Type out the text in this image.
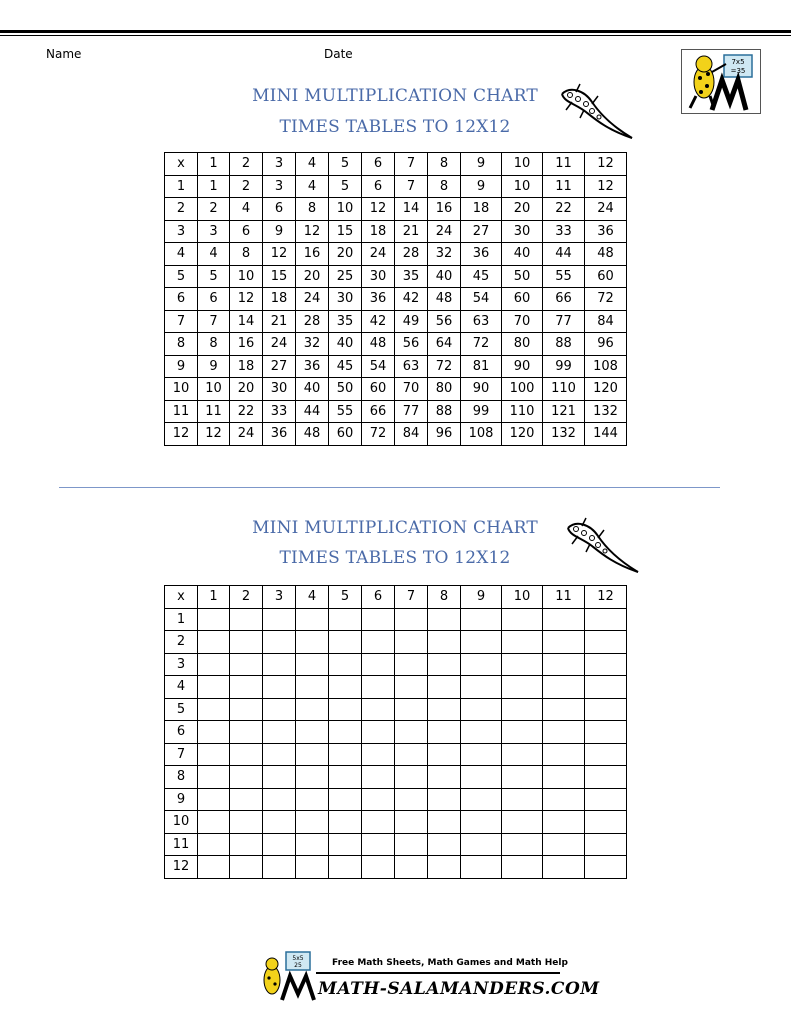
Name	Date
7x5
=35
MINI MULTIPLICATION CHART
TIMES TABLES TO 12X12
x	1	2	3	4	5	6	7	8	9	10	11	12
1	1	2	3	4	5	6	7	8	9	10	11	12
2	2	4	6	8	10	12	14	16	18	20	22	24
3	3	6	9	12	15	18	21	24	27	30	33	36
4	4	8	12	16	20	24	28	32	36	40	44	48
5	5	10	15	20	25	30	35	40	45	50	55	60
6	6	12	18	24	30	36	42	48	54	60	66	72
7	7	14	21	28	35	42	49	56	63	70	77	84
8	8	16	24	32	40	48	56	64	72	80	88	96
9	9	18	27	36	45	54	63	72	81	90	99	108
10	10	20	30	40	50	60	70	80	90	100	110	120
11	11	22	33	44	55	66	77	88	99	110	121	132
12	12	24	36	48	60	72	84	96	108	120	132	144
MINI MULTIPLICATION CHART
TIMES TABLES TO 12X12
x	1	2	3	4	5	6	7	8	9	10	11	12
1												
2												
3												
4												
5												
6												
7												
8												
9												
10												
11												
12												
5x5
25	Free Math Sheets, Math Games and Math Help
MATH-SALAMANDERS.COM
